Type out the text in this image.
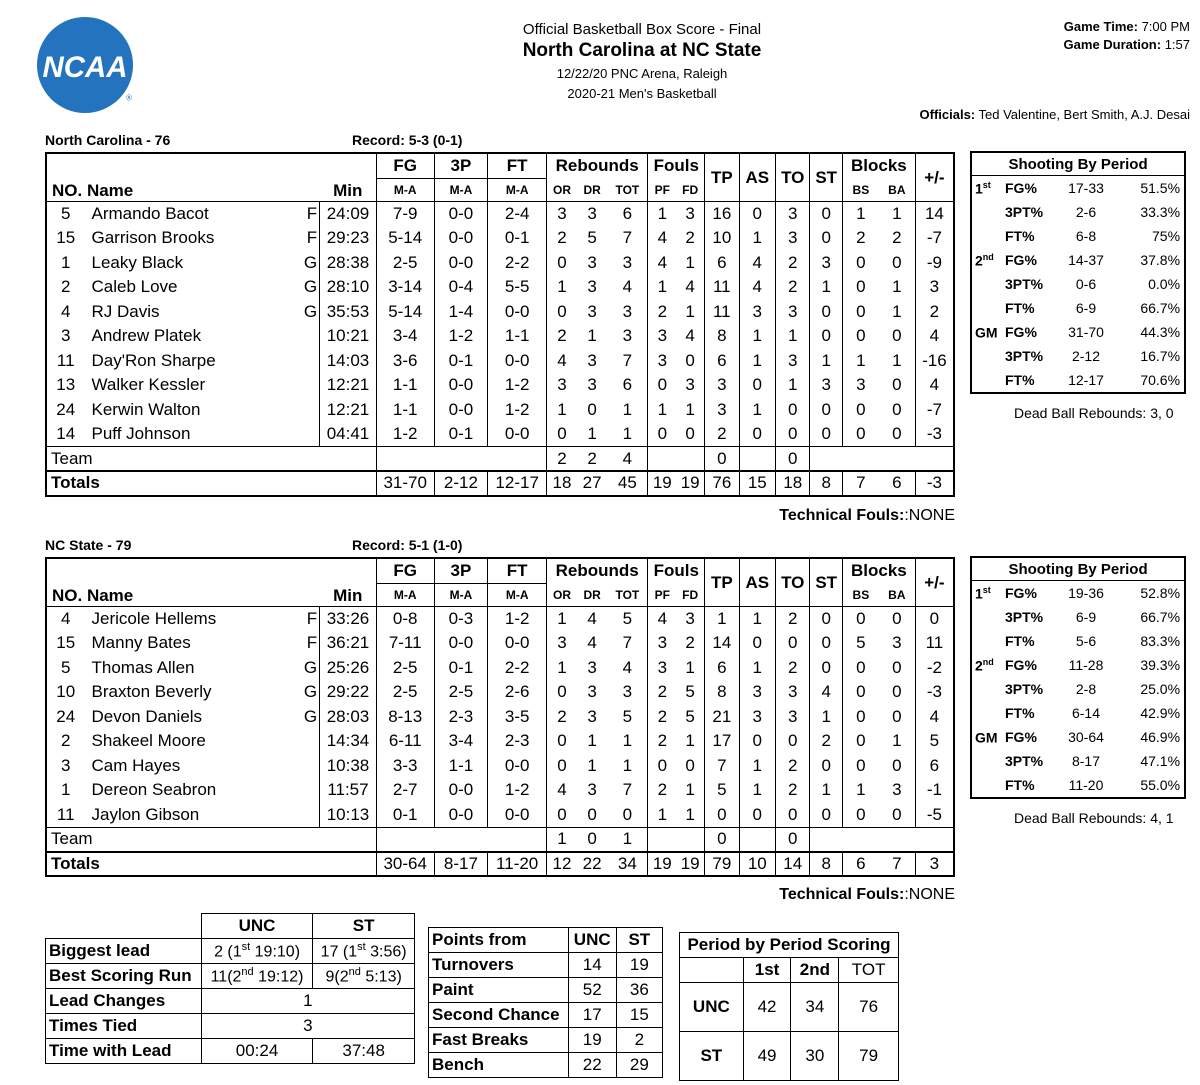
NCAA
®
Official Basketball Box Score - Final
North Carolina at NC State
12/22/20 PNC Arena, Raleigh
2020-21 Men's Basketball
Game Time: 7:00 PM
Game Duration: 1:57
Officials: Ted Valentine, Bert Smith, A.J. Desai
North Carolina - 76	Record: 5-3 (0-1)
NC State - 79	Record: 5-1 (1-0)
NO. Name		Min	FG	3P	FT	Rebounds			Fouls		TP	AS	TO	ST	Blocks		+/-
			M-A	M-A	M-A	OR	DR	TOT	PF	FD					BS	BA	
5	Armando Bacot F	24:09	7-9	0-0	2-4	3	3	6	1	3	16	0	3	0	1	1	14
15	Garrison Brooks F	29:23	5-14	0-0	0-1	2	5	7	4	2	10	1	3	0	2	2	-7
1	Leaky Black G	28:38	2-5	0-0	2-2	0	3	3	4	1	6	4	2	3	0	0	-9
2	Caleb Love G	28:10	3-14	0-4	5-5	1	3	4	1	4	11	4	2	1	0	1	3
4	RJ Davis G	35:53	5-14	1-4	0-0	0	3	3	2	1	11	3	3	0	0	1	2
3	Andrew Platek	10:21	3-4	1-2	1-1	2	1	3	3	4	8	1	1	0	0	0	4
11	Day'Ron Sharpe	14:03	3-6	0-1	0-0	4	3	7	3	0	6	1	3	1	1	1	-16
13	Walker Kessler	12:21	1-1	0-0	1-2	3	3	6	0	3	3	0	1	3	3	0	4
24	Kerwin Walton	12:21	1-1	0-0	1-2	1	0	1	1	1	3	1	0	0	0	0	-7
14	Puff Johnson	04:41	1-2	0-1	0-0	0	1	1	0	0	2	0	0	0	0	0	-3
Team						2	2	4			0		0				
Totals			31-70	2-12	12-17	18	27	45	19	19	76	15	18	8	7	6	-3
NO. Name		Min	FG	3P	FT	Rebounds			Fouls		TP	AS	TO	ST	Blocks		+/-
			M-A	M-A	M-A	OR	DR	TOT	PF	FD					BS	BA	
4	Jericole Hellems F	33:26	0-8	0-3	1-2	1	4	5	4	3	1	1	2	0	0	0	0
15	Manny Bates F	36:21	7-11	0-0	0-0	3	4	7	3	2	14	0	0	0	5	3	11
5	Thomas Allen G	25:26	2-5	0-1	2-2	1	3	4	3	1	6	1	2	0	0	0	-2
10	Braxton Beverly G	29:22	2-5	2-5	2-6	0	3	3	2	5	8	3	3	4	0	0	-3
24	Devon Daniels G	28:03	8-13	2-3	3-5	2	3	5	2	5	21	3	3	1	0	0	4
2	Shakeel Moore	14:34	6-11	3-4	2-3	0	1	1	2	1	17	0	0	2	0	1	5
3	Cam Hayes	10:38	3-3	1-1	0-0	0	1	1	0	0	7	1	2	0	0	0	6
1	Dereon Seabron	11:57	2-7	0-0	1-2	4	3	7	2	1	5	1	2	1	1	3	-1
11	Jaylon Gibson	10:13	0-1	0-0	0-0	0	0	0	1	1	0	0	0	0	0	0	-5
Team						1	0	1			0		0				
Totals			30-64	8-17	11-20	12	22	34	19	19	79	10	14	8	6	7	3
Technical Fouls::NONE
Technical Fouls::NONE
Shooting By Period			
1st	FG%	17-33	51.5%
	3PT%	2-6	33.3%
	FT%	6-8	75%
2nd	FG%	14-37	37.8%
	3PT%	0-6	0.0%
	FT%	6-9	66.7%
GM	FG%	31-70	44.3%
	3PT%	2-12	16.7%
	FT%	12-17	70.6%
Shooting By Period			
1st	FG%	19-36	52.8%
	3PT%	6-9	66.7%
	FT%	5-6	83.3%
2nd	FG%	11-28	39.3%
	3PT%	2-8	25.0%
	FT%	6-14	42.9%
GM	FG%	30-64	46.9%
	3PT%	8-17	47.1%
	FT%	11-20	55.0%
Dead Ball Rebounds: 3, 0
Dead Ball Rebounds: 4, 1
	UNC	ST
Biggest lead	2 (1st 19:10)	17 (1st 3:56)
Best Scoring Run	11(2nd 19:12)	9(2nd 5:13)
Lead Changes	1	
Times Tied	3	
Time with Lead	00:24	37:48
Points from	UNC	ST
Turnovers	14	19
Paint	52	36
Second Chance	17	15
Fast Breaks	19	2
Bench	22	29
Period by Period Scoring			
	1st	2nd	TOT
UNC	42	34	76
ST	49	30	79
